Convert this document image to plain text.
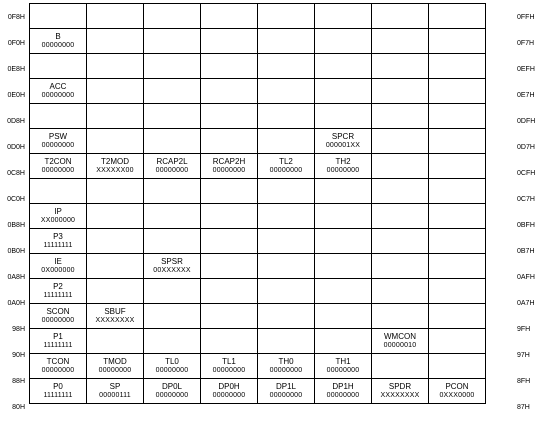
B
00000000							

ACC
00000000							

PSW
00000000					SPCR
000001XX		

T2CON
00000000	T2MOD
XXXXXX00	RCAP2L
00000000	RCAP2H
00000000	TL2
00000000	TH2
00000000		

IP
XX000000							

P3
11111111							

IE
0X000000		SPSR
00XXXXXX					

P2
11111111							

SCON
00000000	SBUF
XXXXXXXX						

P1
11111111						WMCON
00000010	

TCON
00000000	TMOD
00000000	TL0
00000000	TL1
00000000	TH0
00000000	TH1
00000000		

P0
11111111	SP
00000111	DP0L
00000000	DP0H
00000000	DP1L
00000000	DP1H
00000000	SPDR
XXXXXXXX	PCON
0XXX0000
0F8H	0FFH
0F0H	0F7H
0E8H	0EFH
0E0H	0E7H
0D8H	0DFH
0D0H	0D7H
0C8H	0CFH
0C0H	0C7H
0B8H	0BFH
0B0H	0B7H
0A8H	0AFH
0A0H	0A7H
98H	9FH
90H	97H
88H	8FH
80H	87H
